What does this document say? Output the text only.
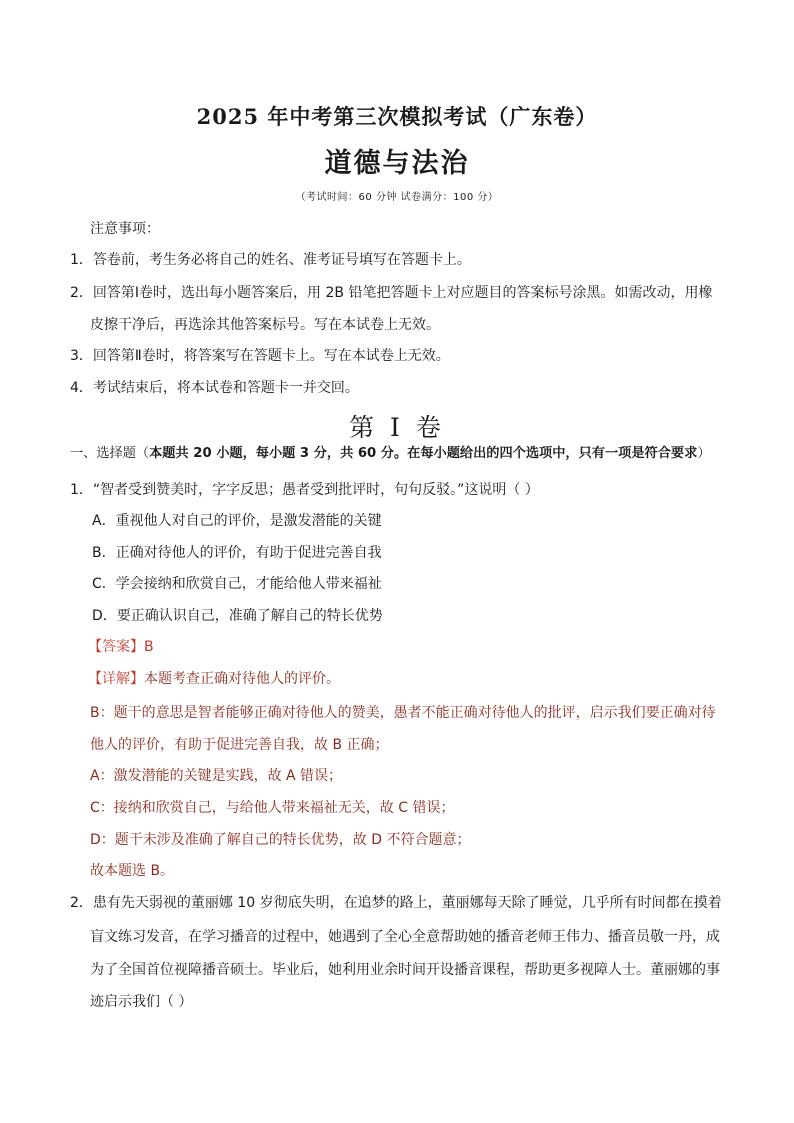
2025 年中考第三次模拟考试（广东卷）
道德与法治
（考试时间：60 分钟 试卷满分：100 分）
注意事项：
1．答卷前，考生务必将自己的姓名、准考证号填写在答题卡上。
2．回答第Ⅰ卷时，选出每小题答案后，用 2B 铅笔把答题卡上对应题目的答案标号涂黑。如需改动，用橡
皮擦干净后，再选涂其他答案标号。写在本试卷上无效。
3．回答第Ⅱ卷时，将答案写在答题卡上。写在本试卷上无效。
4．考试结束后，将本试卷和答题卡一并交回。
第 I 卷
一、选择题（本题共 20 小题，每小题 3 分，共 60 分。在每小题给出的四个选项中，只有一项是符合要求）
1．“智者受到赞美时，字字反思；愚者受到批评时，句句反驳。”这说明（ ）
A．重视他人对自己的评价，是激发潜能的关键
B．正确对待他人的评价，有助于促进完善自我
C．学会接纳和欣赏自己，才能给他人带来福祉
D．要正确认识自己，准确了解自己的特长优势
【答案】B
【详解】本题考查正确对待他人的评价。
B：题干的意思是智者能够正确对待他人的赞美，愚者不能正确对待他人的批评，启示我们要正确对待
他人的评价，有助于促进完善自我，故 B 正确；
A：激发潜能的关键是实践，故 A 错误；
C：接纳和欣赏自己，与给他人带来福祉无关，故 C 错误；
D：题干未涉及准确了解自己的特长优势，故 D 不符合题意；
故本题选 B。
2．患有先天弱视的董丽娜 10 岁彻底失明，在追梦的路上，董丽娜每天除了睡觉，几乎所有时间都在摸着
盲文练习发音，在学习播音的过程中，她遇到了全心全意帮助她的播音老师王伟力、播音员敬一丹，成
为了全国首位视障播音硕士。毕业后，她利用业余时间开设播音课程，帮助更多视障人士。董丽娜的事
迹启示我们（ ）
